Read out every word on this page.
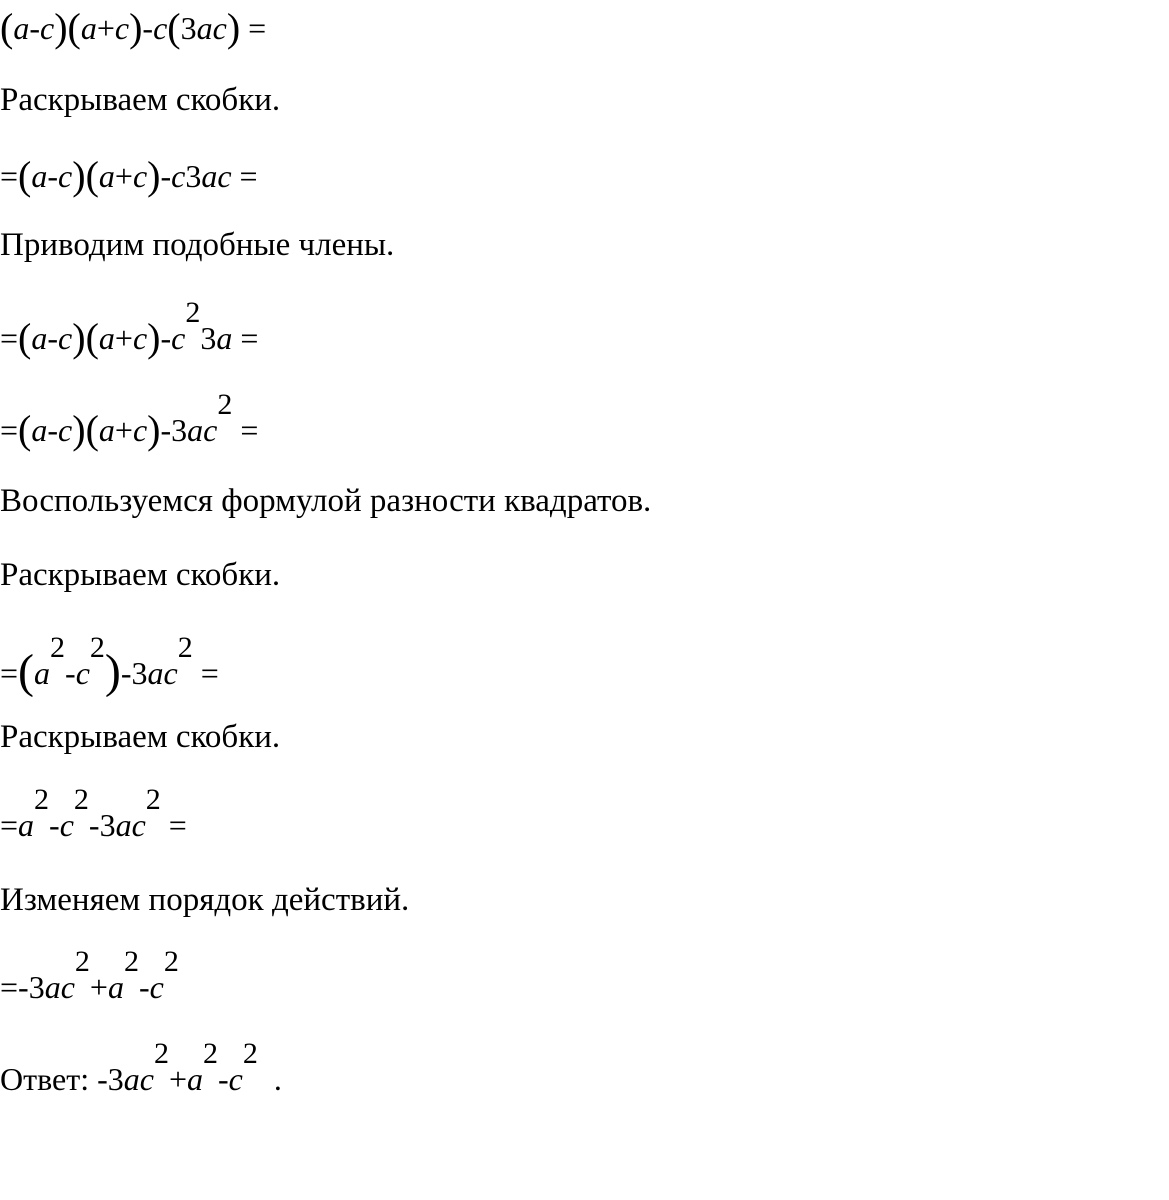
(a-c)(a+c)-c(3ac) =
Раскрываем скобки.
=(a-c)(a+c)-c3ac =
Приводим подобные члены.
$=(a-c)(a+c)-c^23a$ =
$=(a-c)(a+c)-3ac^2$ =
Воспользуемся формулой разности квадратов.
Раскрываем скобки.
$=(a^2-c^2)-3ac^2$ =
Раскрываем скобки.
$=a^2-c^2-3ac^2$ =
Изменяем порядок действий.
$=-3ac^2+a^2-c^2$
Ответ: $-3ac^2+a^2-c^2$  .
